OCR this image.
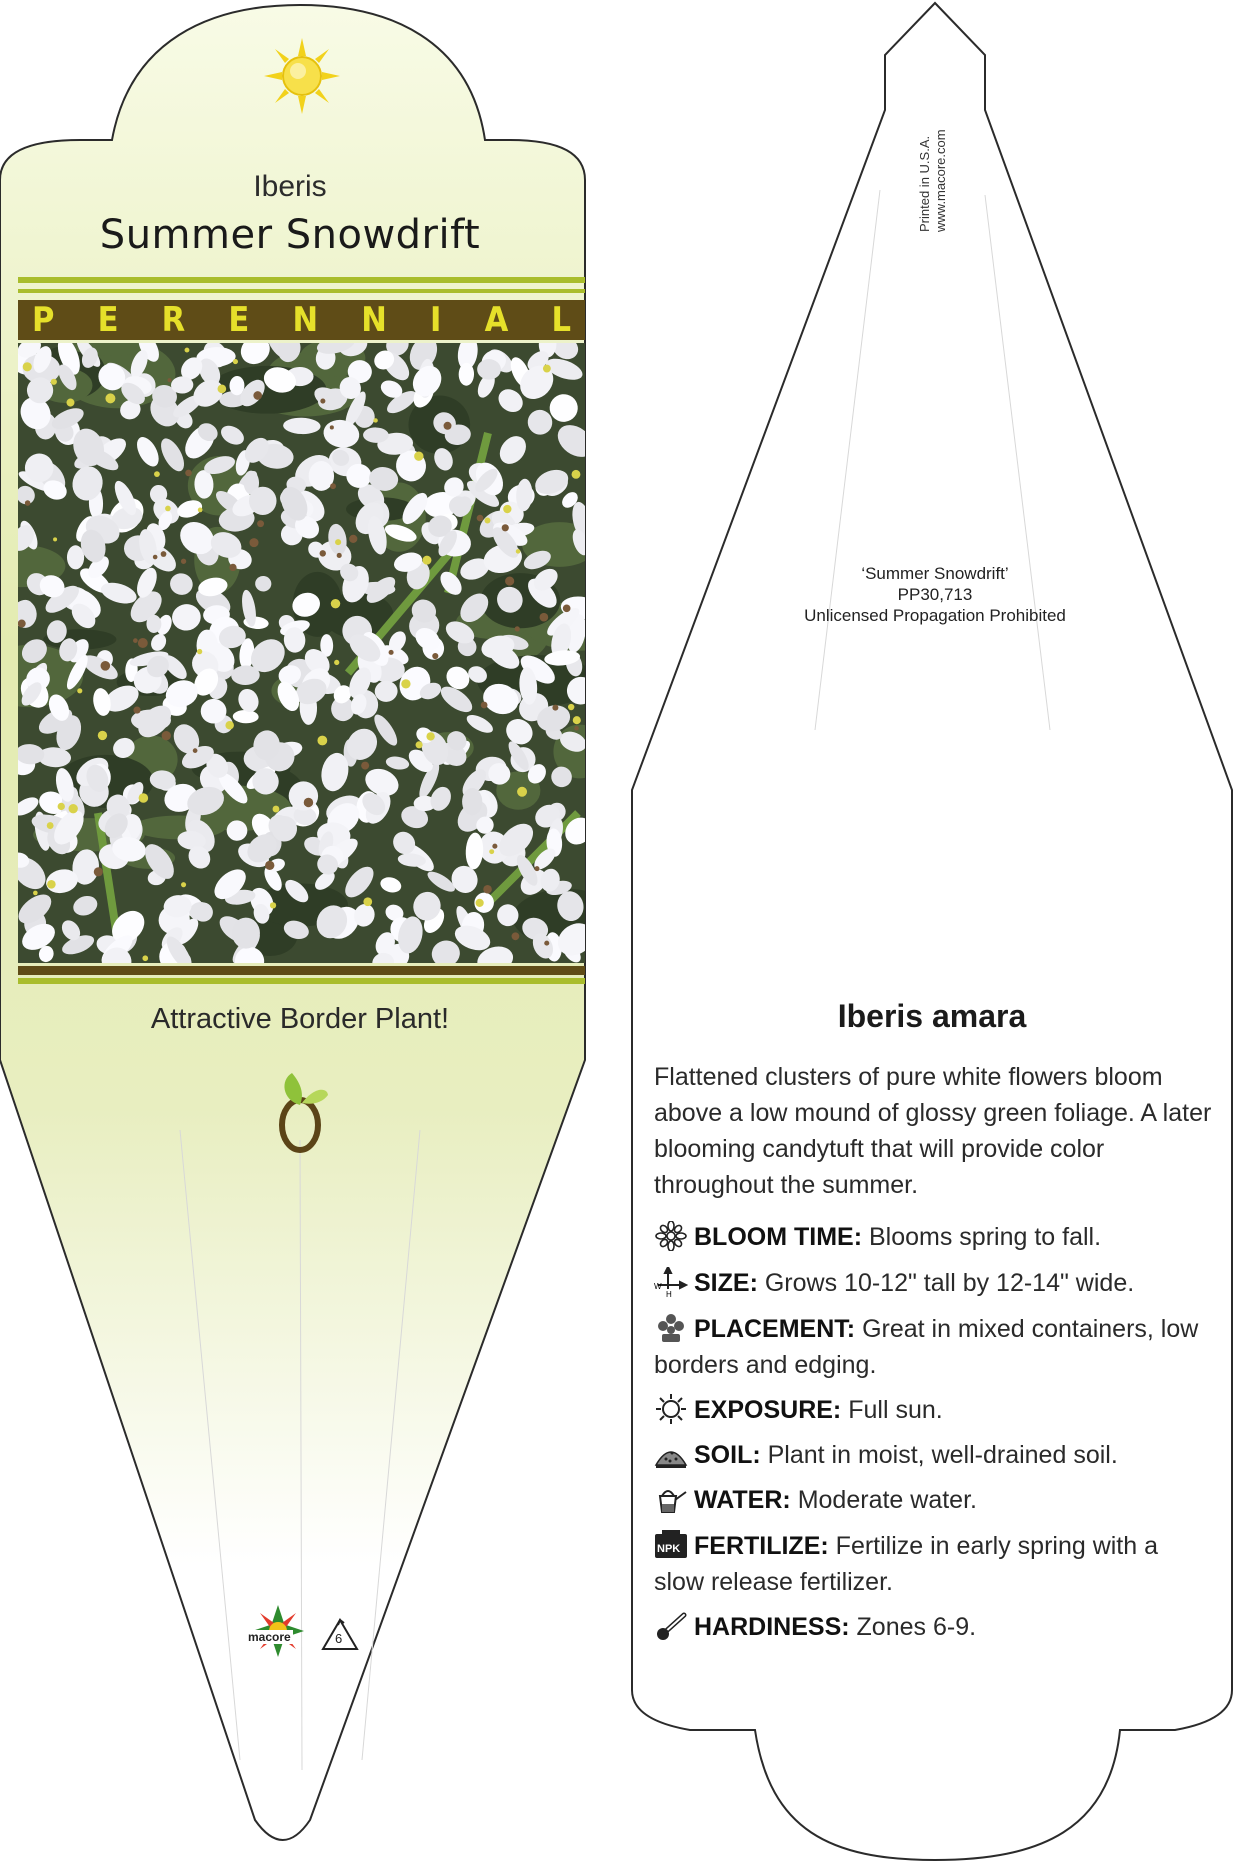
Iberis
Summer Snowdrift
P E R E N N I A L
Attractive Border Plant!
macore	6
Printed in U.S.A. www.macore.com
‘Summer Snowdrift’
PP30,713
Unlicensed Propagation Prohibited
Iberis amara
Flattened clusters of pure white flowers bloom above a low mound of glossy green foliage. A later blooming candytuft that will provide color throughout the summer.
BLOOM TIME: Blooms spring to fall.
W
H SIZE: Grows 10-12" tall by 12-14" wide.
PLACEMENT: Great in mixed containers, low borders and edging.
EXPOSURE: Full sun.
SOIL: Plant in moist, well-drained soil.
WATER: Moderate water.
NPK FERTILIZE: Fertilize in early spring with a slow release fertilizer.
HARDINESS: Zones 6-9.
